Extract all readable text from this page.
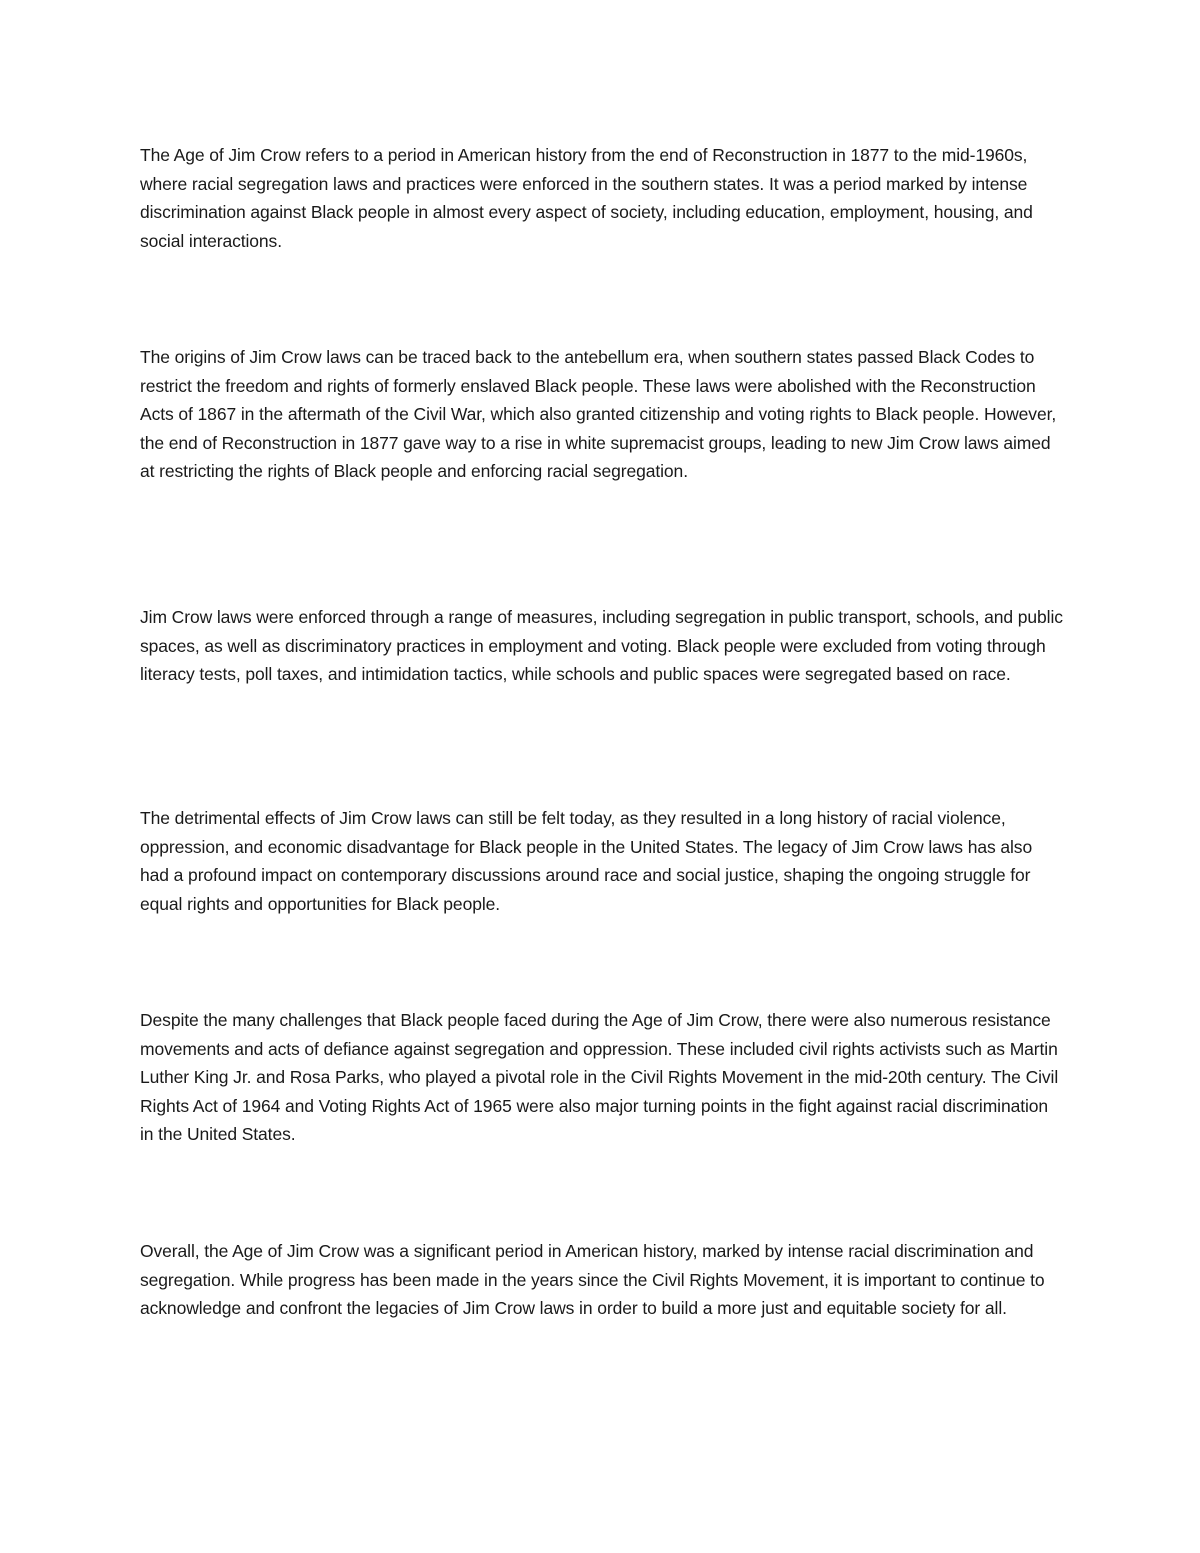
The Age of Jim Crow refers to a period in American history from the end of Reconstruction in 1877 to the mid-1960s, where racial segregation laws and practices were enforced in the southern states. It was a period marked by intense discrimination against Black people in almost every aspect of society, including education, employment, housing, and social interactions.

The origins of Jim Crow laws can be traced back to the antebellum era, when southern states passed Black Codes to restrict the freedom and rights of formerly enslaved Black people. These laws were abolished with the Reconstruction Acts of 1867 in the aftermath of the Civil War, which also granted citizenship and voting rights to Black people. However, the end of Reconstruction in 1877 gave way to a rise in white supremacist groups, leading to new Jim Crow laws aimed at restricting the rights of Black people and enforcing racial segregation.

Jim Crow laws were enforced through a range of measures, including segregation in public transport, schools, and public spaces, as well as discriminatory practices in employment and voting. Black people were excluded from voting through literacy tests, poll taxes, and intimidation tactics, while schools and public spaces were segregated based on race.

The detrimental effects of Jim Crow laws can still be felt today, as they resulted in a long history of racial violence, oppression, and economic disadvantage for Black people in the United States. The legacy of Jim Crow laws has also had a profound impact on contemporary discussions around race and social justice, shaping the ongoing struggle for equal rights and opportunities for Black people.

Despite the many challenges that Black people faced during the Age of Jim Crow, there were also numerous resistance movements and acts of defiance against segregation and oppression. These included civil rights activists such as Martin Luther King Jr. and Rosa Parks, who played a pivotal role in the Civil Rights Movement in the mid-20th century. The Civil Rights Act of 1964 and Voting Rights Act of 1965 were also major turning points in the fight against racial discrimination in the United States.

Overall, the Age of Jim Crow was a significant period in American history, marked by intense racial discrimination and segregation. While progress has been made in the years since the Civil Rights Movement, it is important to continue to acknowledge and confront the legacies of Jim Crow laws in order to build a more just and equitable society for all.
